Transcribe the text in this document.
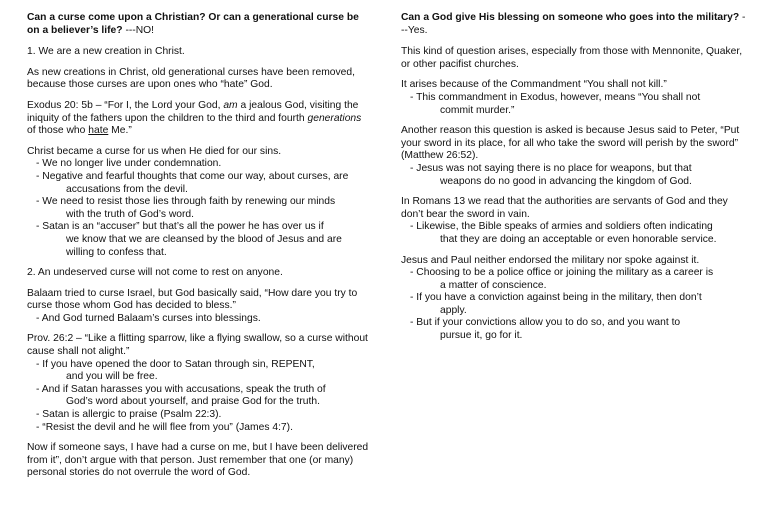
Can a curse come upon a Christian? Or can a generational curse be on a believer’s life? ---NO!

1. We are a new creation in Christ.

As new creations in Christ, old generational curses have been removed, because those curses are upon ones who “hate” God.

Exodus 20: 5b – “For I, the Lord your God, am a jealous God, visiting the iniquity of the fathers upon the children to the third and fourth generations of those who hate Me.”

Christ became a curse for us when He died for our sins.

- We no longer live under condemnation.
- Negative and fearful thoughts that come our way, about curses, are
accusations from the devil.
- We need to resist those lies through faith by renewing our minds
with the truth of God’s word.
- Satan is an “accuser” but that’s all the power he has over us if
we know that we are cleansed by the blood of Jesus and are willing to confess that.

2. An undeserved curse will not come to rest on anyone.

Balaam tried to curse Israel, but God basically said, “How dare you try to curse those whom God has decided to bless.”

- And God turned Balaam’s curses into blessings.

Prov. 26:2 – “Like a flitting sparrow, like a flying swallow, so a curse without cause shall not alight.”

- If you have opened the door to Satan through sin, REPENT,
and you will be free.
- And if Satan harasses you with accusations, speak the truth of
God’s word about yourself, and praise God for the truth.
- Satan is allergic to praise (Psalm 22:3).
- “Resist the devil and he will flee from you” (James 4:7).

Now if someone says, I have had a curse on me, but I have been delivered from it”, don’t argue with that person. Just remember that one (or many) personal stories do not overrule the word of God.

Can a God give His blessing on someone who goes into the military? ---Yes.

This kind of question arises, especially from those with Mennonite, Quaker, or other pacifist churches.

It arises because of the Commandment “You shall not kill.”

- This commandment in Exodus, however, means “You shall not
commit murder.”

Another reason this question is asked is because Jesus said to Peter, “Put your sword in its place, for all who take the sword will perish by the sword” (Matthew 26:52).

- Jesus was not saying there is no place for weapons, but that
weapons do no good in advancing the kingdom of God.

In Romans 13 we read that the authorities are servants of God and they don’t bear the sword in vain.

- Likewise, the Bible speaks of armies and soldiers often indicating
that they are doing an acceptable or even honorable service.

Jesus and Paul neither endorsed the military nor spoke against it.

- Choosing to be a police office or joining the military as a career is
a matter of conscience.
- If you have a conviction against being in the military, then don’t
apply.
- But if your convictions allow you to do so, and you want to
pursue it, go for it.
